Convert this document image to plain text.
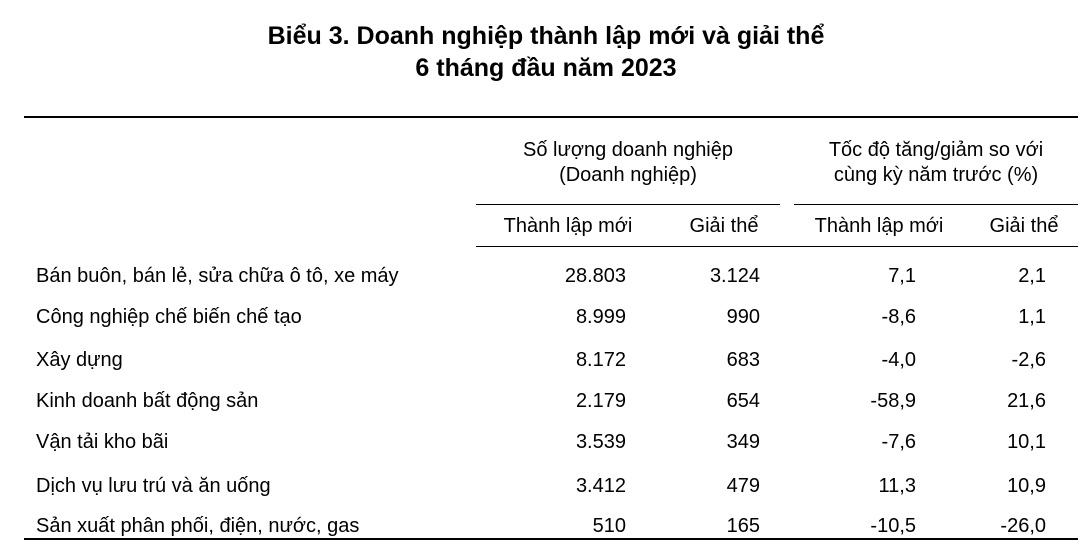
Biểu 3. Doanh nghiệp thành lập mới và giải thể
6 tháng đầu năm 2023
Số lượng doanh nghiệp
(Doanh nghiệp)
Tốc độ tăng/giảm so với
cùng kỳ năm trước (%)
Thành lập mới	Giải thể	Thành lập mới	Giải thể
Bán buôn, bán lẻ, sửa chữa ô tô, xe máy	28.803	3.124	7,1	2,1
Công nghiệp chế biến chế tạo	8.999	990	-8,6	1,1
Xây dựng	8.172	683	-4,0	-2,6
Kinh doanh bất động sản	2.179	654	-58,9	21,6
Vận tải kho bãi	3.539	349	-7,6	10,1
Dịch vụ lưu trú và ăn uống	3.412	479	11,3	10,9
Sản xuất phân phối, điện, nước, gas	510	165	-10,5	-26,0
